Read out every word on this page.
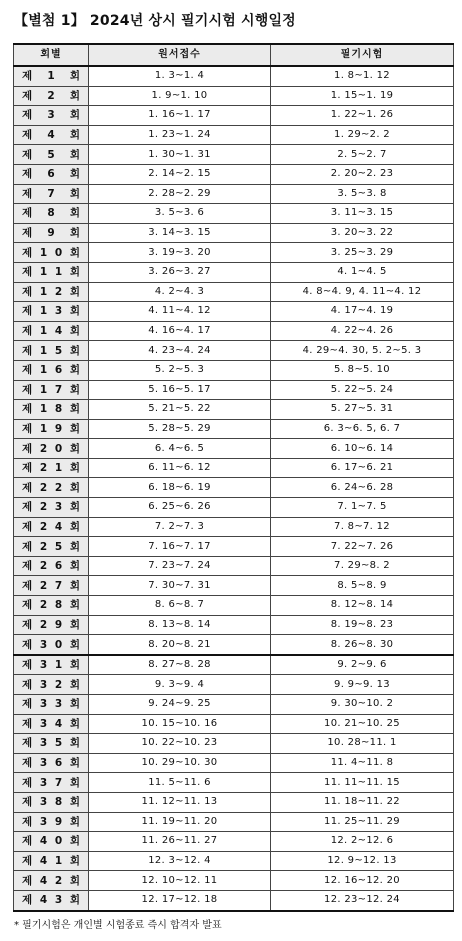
【별첨 1】 2024년 상시 필기시험 시행일정
회별	원서접수	필기시험

제 1 회	1. 3~1. 4	1. 8~1. 12

제 2 회	1. 9~1. 10	1. 15~1. 19

제 3 회	1. 16~1. 17	1. 22~1. 26

제 4 회	1. 23~1. 24	1. 29~2. 2

제 5 회	1. 30~1. 31	2. 5~2. 7

제 6 회	2. 14~2. 15	2. 20~2. 23

제 7 회	2. 28~2. 29	3. 5~3. 8

제 8 회	3. 5~3. 6	3. 11~3. 15

제 9 회	3. 14~3. 15	3. 20~3. 22

제 1 0 회	3. 19~3. 20	3. 25~3. 29

제 1 1 회	3. 26~3. 27	4. 1~4. 5

제 1 2 회	4. 2~4. 3	4. 8~4. 9, 4. 11~4. 12

제 1 3 회	4. 11~4. 12	4. 17~4. 19

제 1 4 회	4. 16~4. 17	4. 22~4. 26

제 1 5 회	4. 23~4. 24	4. 29~4. 30, 5. 2~5. 3

제 1 6 회	5. 2~5. 3	5. 8~5. 10

제 1 7 회	5. 16~5. 17	5. 22~5. 24

제 1 8 회	5. 21~5. 22	5. 27~5. 31

제 1 9 회	5. 28~5. 29	6. 3~6. 5, 6. 7

제 2 0 회	6. 4~6. 5	6. 10~6. 14

제 2 1 회	6. 11~6. 12	6. 17~6. 21

제 2 2 회	6. 18~6. 19	6. 24~6. 28

제 2 3 회	6. 25~6. 26	7. 1~7. 5

제 2 4 회	7. 2~7. 3	7. 8~7. 12

제 2 5 회	7. 16~7. 17	7. 22~7. 26

제 2 6 회	7. 23~7. 24	7. 29~8. 2

제 2 7 회	7. 30~7. 31	8. 5~8. 9

제 2 8 회	8. 6~8. 7	8. 12~8. 14

제 2 9 회	8. 13~8. 14	8. 19~8. 23

제 3 0 회	8. 20~8. 21	8. 26~8. 30

제 3 1 회	8. 27~8. 28	9. 2~9. 6

제 3 2 회	9. 3~9. 4	9. 9~9. 13

제 3 3 회	9. 24~9. 25	9. 30~10. 2

제 3 4 회	10. 15~10. 16	10. 21~10. 25

제 3 5 회	10. 22~10. 23	10. 28~11. 1

제 3 6 회	10. 29~10. 30	11. 4~11. 8

제 3 7 회	11. 5~11. 6	11. 11~11. 15

제 3 8 회	11. 12~11. 13	11. 18~11. 22

제 3 9 회	11. 19~11. 20	11. 25~11. 29

제 4 0 회	11. 26~11. 27	12. 2~12. 6

제 4 1 회	12. 3~12. 4	12. 9~12. 13

제 4 2 회	12. 10~12. 11	12. 16~12. 20

제 4 3 회	12. 17~12. 18	12. 23~12. 24
* 필기시험은 개인별 시험종료 즉시 합격자 발표
